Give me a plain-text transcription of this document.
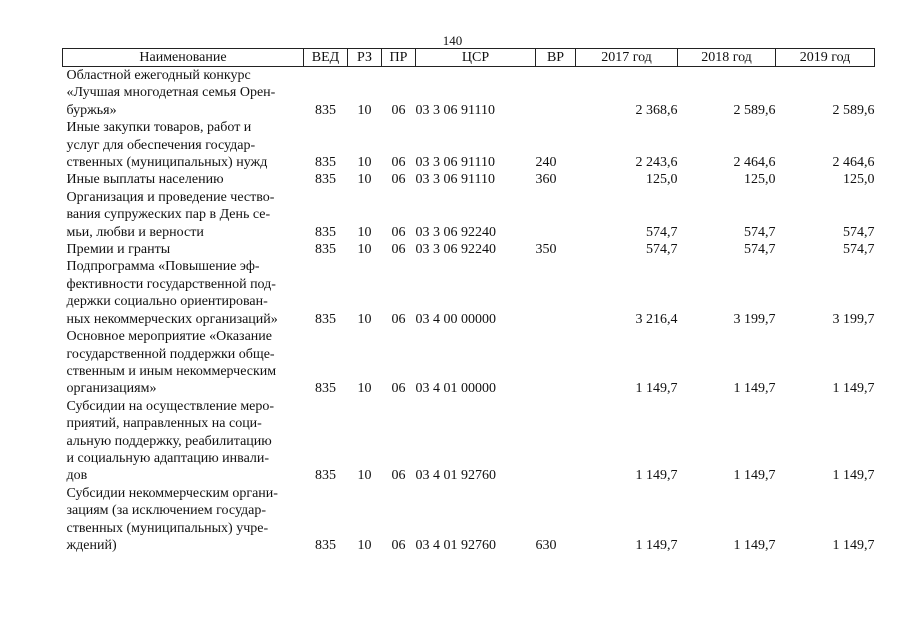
140
Наименование	ВЕД	РЗ	ПР	ЦСР	ВР	2017 год	2018 год	2019 год

Областной ежегодный конкурс
«Лучшая многодетная семья Орен-
буржья»	835	10	06	03 3 06 91110		2 368,6	2 589,6	2 589,6

Иные закупки товаров, работ и
услуг для обеспечения государ-
ственных (муниципальных) нужд	835	10	06	03 3 06 91110	240	2 243,6	2 464,6	2 464,6

Иные выплаты населению	835	10	06	03 3 06 91110	360	125,0	125,0	125,0

Организация и проведение чество-
вания супружеских пар в День се-
мьи, любви и верности	835	10	06	03 3 06 92240		574,7	574,7	574,7

Премии и гранты	835	10	06	03 3 06 92240	350	574,7	574,7	574,7

Подпрограмма «Повышение эф-
фективности государственной под-
держки социально ориентирован-
ных некоммерческих организаций»	835	10	06	03 4 00 00000		3 216,4	3 199,7	3 199,7

Основное мероприятие «Оказание
государственной поддержки обще-
ственным и иным некоммерческим
организациям»	835	10	06	03 4 01 00000		1 149,7	1 149,7	1 149,7

Субсидии на осуществление меро-
приятий, направленных на соци-
альную поддержку, реабилитацию
и социальную адаптацию инвали-
дов	835	10	06	03 4 01 92760		1 149,7	1 149,7	1 149,7

Субсидии некоммерческим органи-
зациям (за исключением государ-
ственных (муниципальных) учре-
ждений)	835	10	06	03 4 01 92760	630	1 149,7	1 149,7	1 149,7
